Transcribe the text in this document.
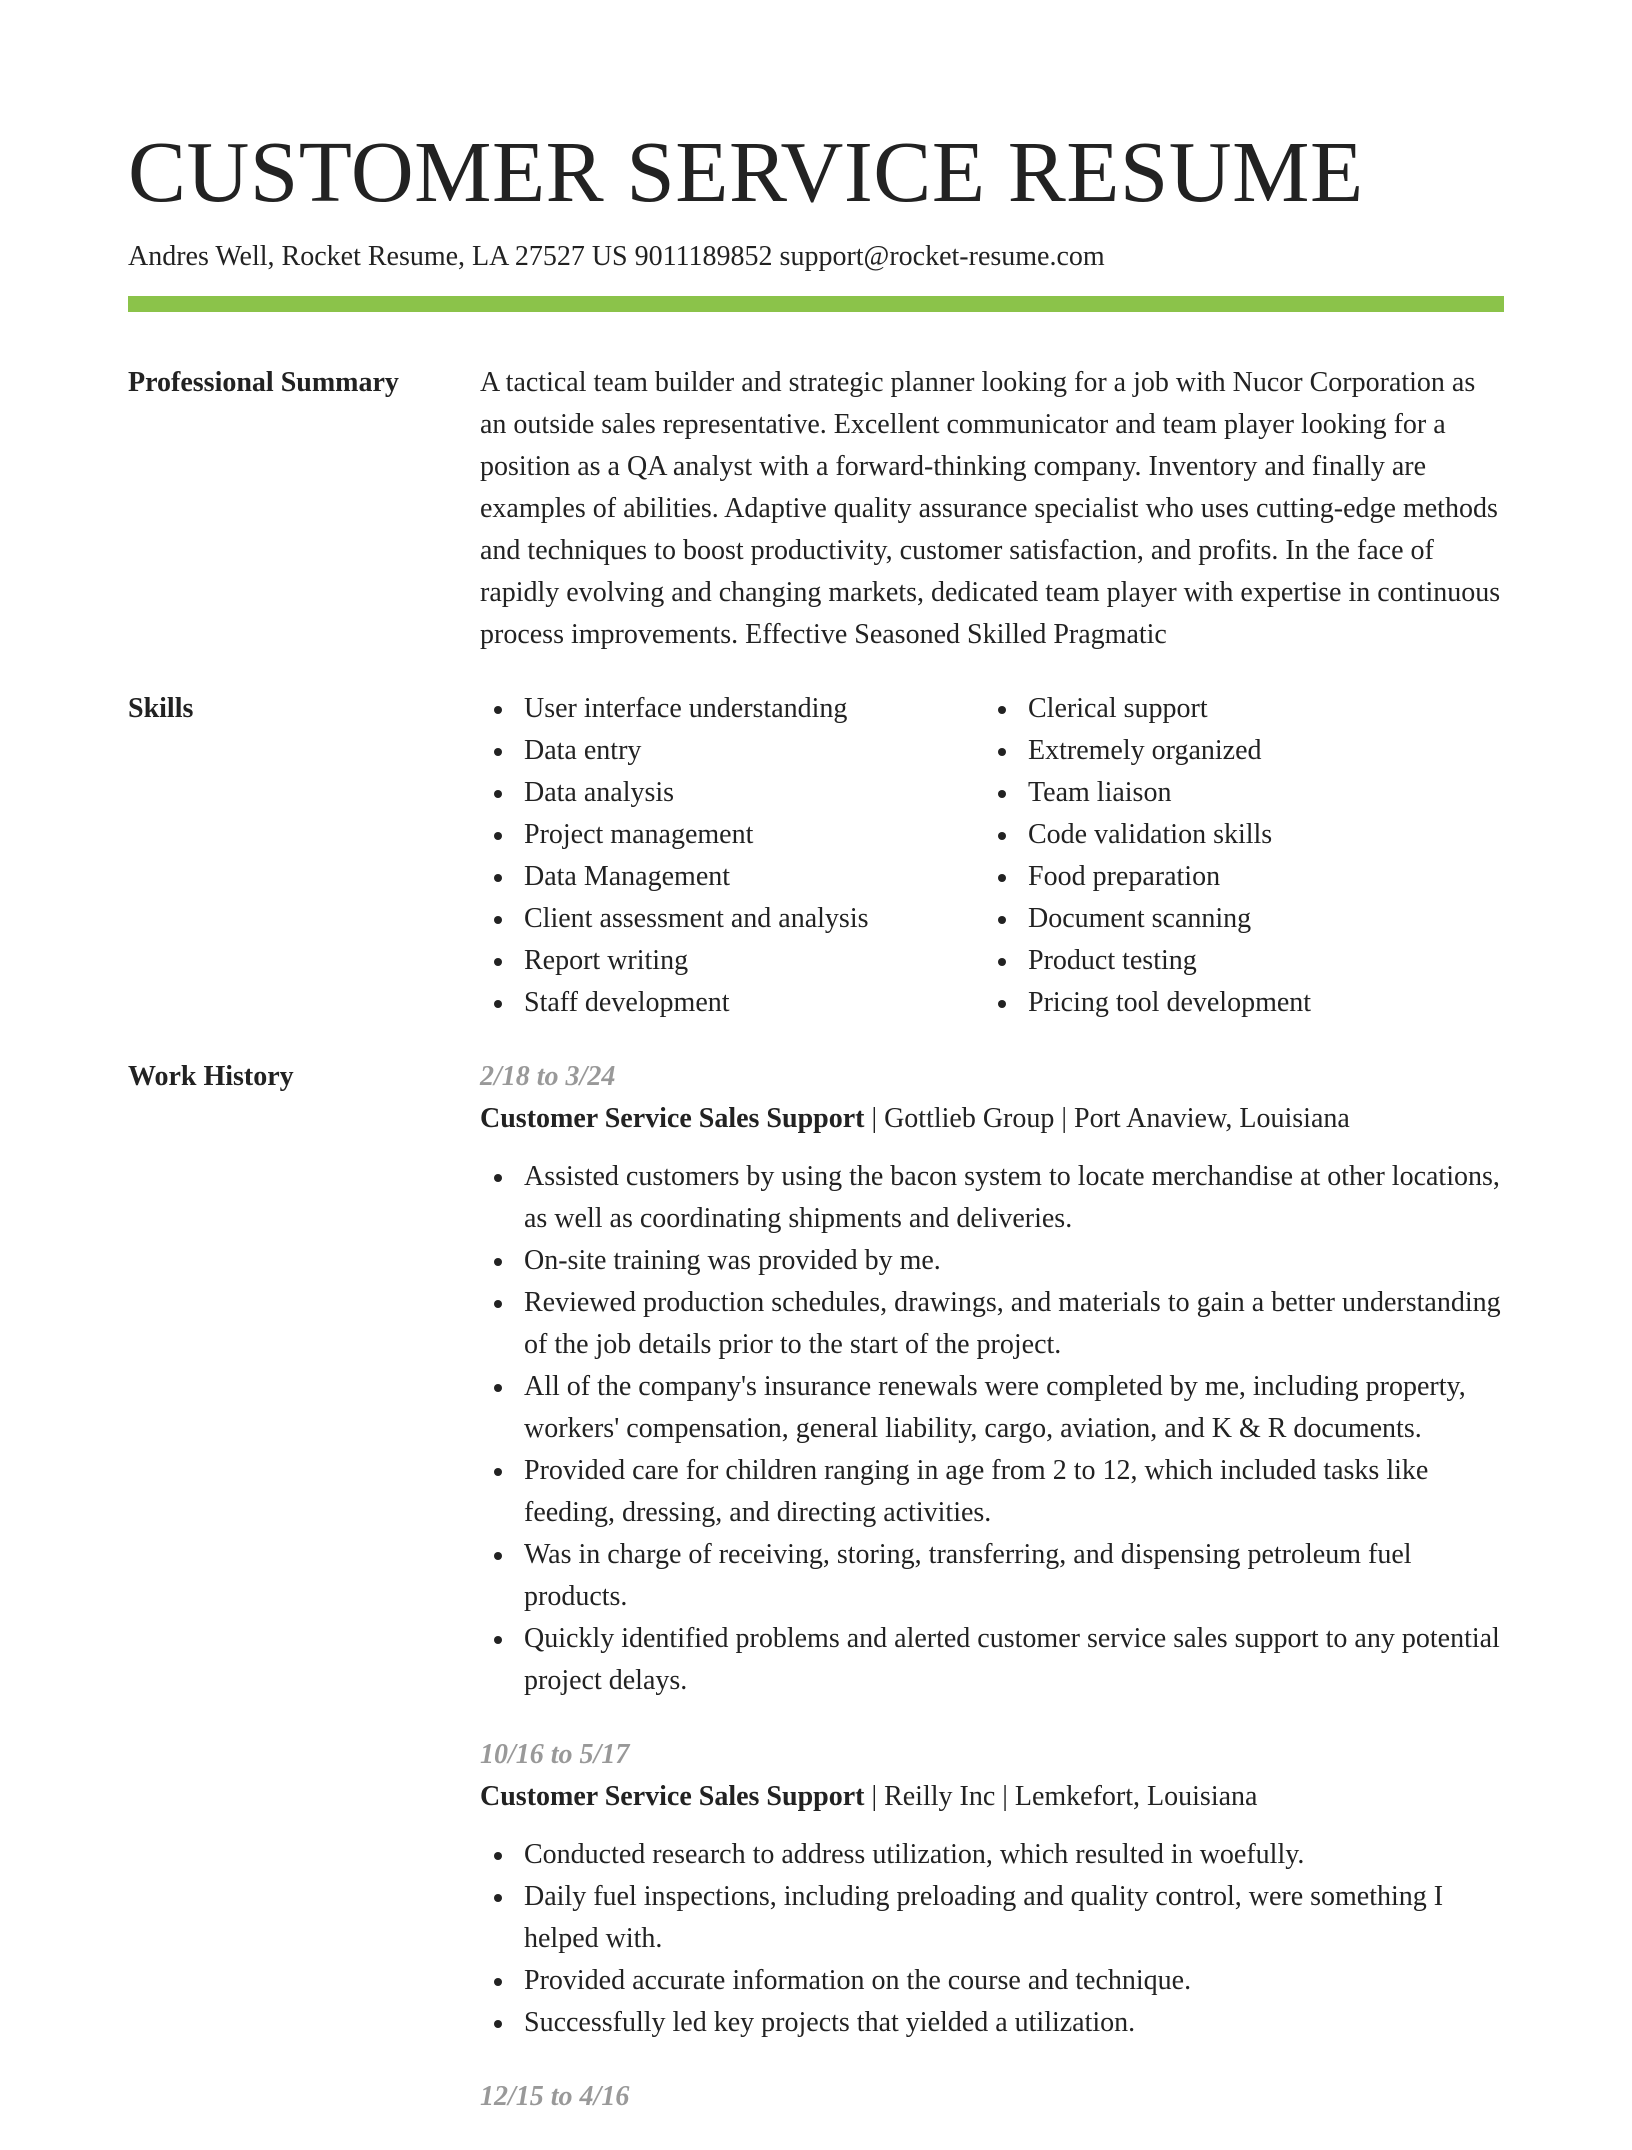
CUSTOMER SERVICE RESUME
Andres Well, Rocket Resume, LA 27527 US 9011189852 support@rocket-resume.com
Professional Summary	A tactical team builder and strategic planner looking for a job with Nucor Corporation as an outside sales representative. Excellent communicator and team player looking for a position as a QA analyst with a forward-thinking company. Inventory and finally are examples of abilities. Adaptive quality assurance specialist who uses cutting-edge methods and techniques to boost productivity, customer satisfaction, and profits. In the face of rapidly evolving and changing markets, dedicated team player with expertise in continuous process improvements. Effective Seasoned Skilled Pragmatic

Skills	User interface understanding
Data entry
Data analysis
Project management
Data Management
Client assessment and analysis
Report writing
Staff development
Clerical support
Extremely organized
Team liaison
Code validation skills
Food preparation
Document scanning
Product testing
Pricing tool development
Work History	2/18 to 3/24
Customer Service Sales Support | Gottlieb Group | Port Anaview, Louisiana
Assisted customers by using the bacon system to locate merchandise at other locations, as well as coordinating shipments and deliveries.
On-site training was provided by me.
Reviewed production schedules, drawings, and materials to gain a better understanding of the job details prior to the start of the project.
All of the company's insurance renewals were completed by me, including property, workers' compensation, general liability, cargo, aviation, and K & R documents.
Provided care for children ranging in age from 2 to 12, which included tasks like feeding, dressing, and directing activities.
Was in charge of receiving, storing, transferring, and dispensing petroleum fuel products.
Quickly identified problems and alerted customer service sales support to any potential project delays.
10/16 to 5/17
Customer Service Sales Support | Reilly Inc | Lemkefort, Louisiana
Conducted research to address utilization, which resulted in woefully.
Daily fuel inspections, including preloading and quality control, were something I helped with.
Provided accurate information on the course and technique.
Successfully led key projects that yielded a utilization.
12/15 to 4/16
